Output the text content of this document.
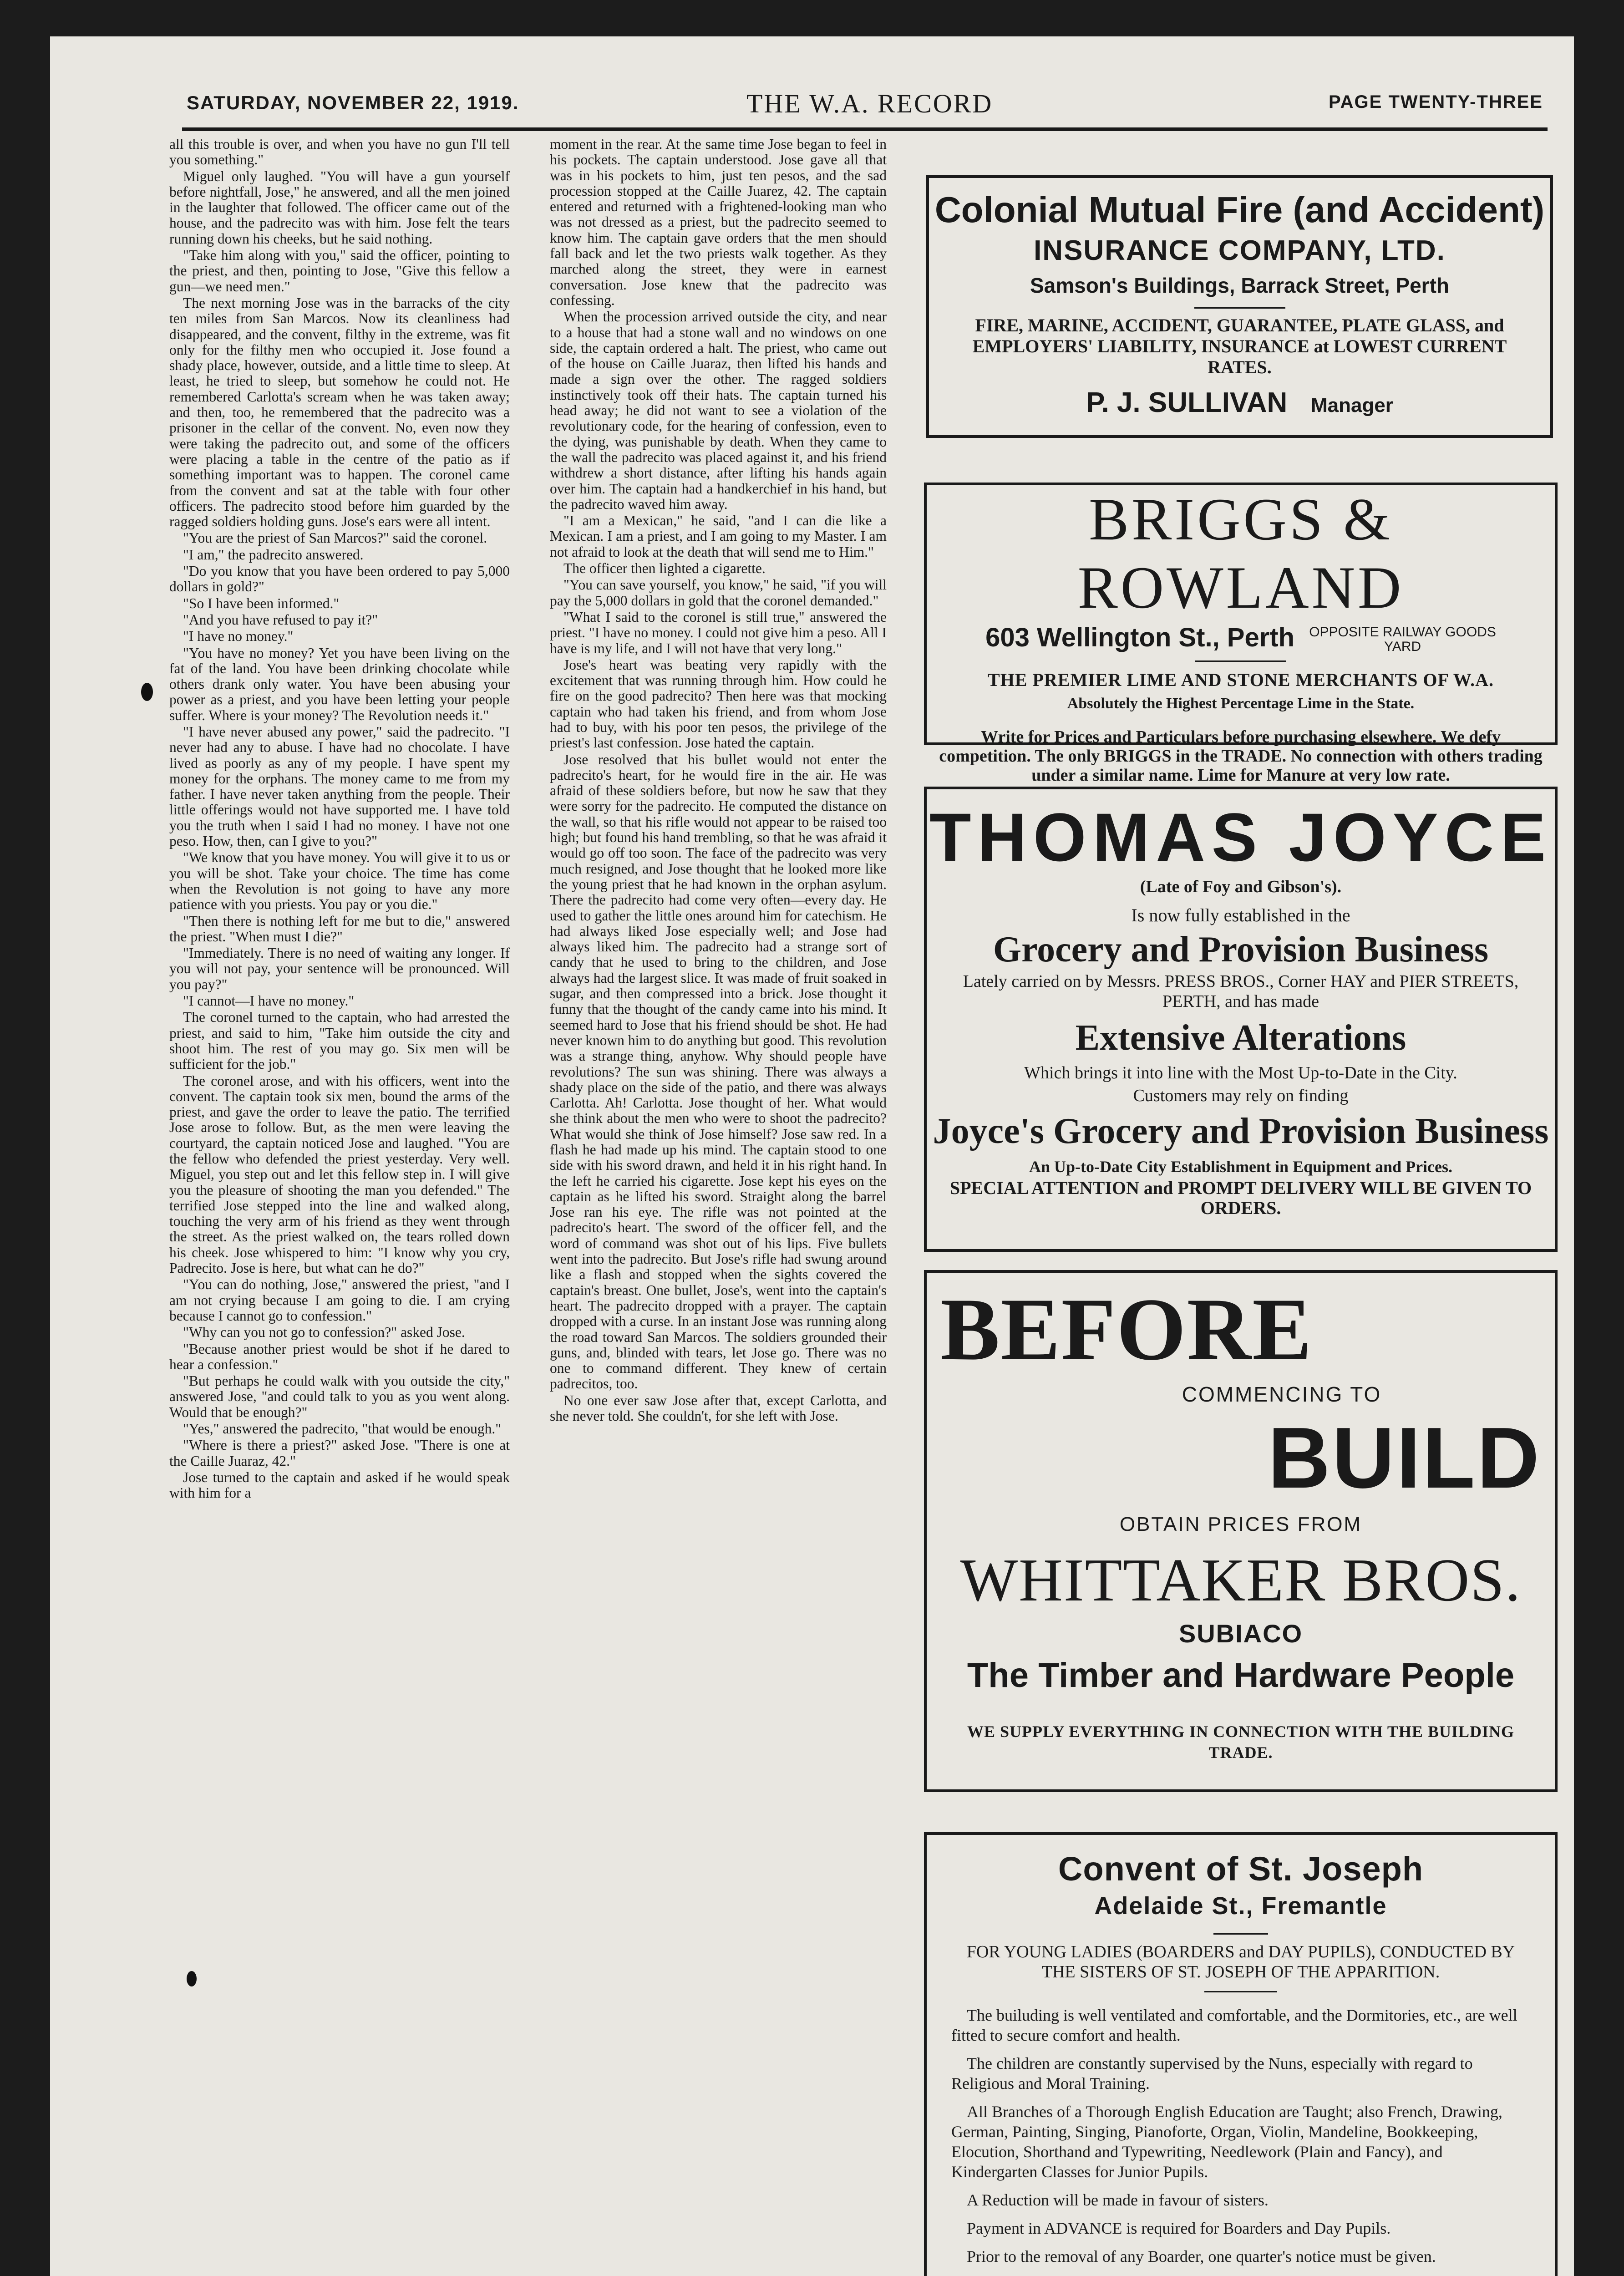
SATURDAY, NOVEMBER 22, 1919.	THE W.A. RECORD	PAGE TWENTY-THREE

all this trouble is over, and when you have no gun I'll tell you something."

Miguel only laughed. "You will have a gun yourself before nightfall, Jose," he answered, and all the men joined in the laughter that followed. The officer came out of the house, and the padrecito was with him. Jose felt the tears running down his cheeks, but he said nothing.

"Take him along with you," said the officer, pointing to the priest, and then, pointing to Jose, "Give this fellow a gun—we need men."

The next morning Jose was in the barracks of the city ten miles from San Marcos. Now its cleanliness had disappeared, and the convent, filthy in the extreme, was fit only for the filthy men who occupied it. Jose found a shady place, however, outside, and a little time to sleep. At least, he tried to sleep, but somehow he could not. He remembered Carlotta's scream when he was taken away; and then, too, he remembered that the padrecito was a prisoner in the cellar of the convent. No, even now they were taking the padrecito out, and some of the officers were placing a table in the centre of the patio as if something important was to happen. The coronel came from the convent and sat at the table with four other officers. The padrecito stood before him guarded by the ragged soldiers holding guns. Jose's ears were all intent.

"You are the priest of San Marcos?" said the coronel.

"I am," the padrecito answered.

"Do you know that you have been ordered to pay 5,000 dollars in gold?"

"So I have been informed."

"And you have refused to pay it?"

"I have no money."

"You have no money? Yet you have been living on the fat of the land. You have been drinking chocolate while others drank only water. You have been abusing your power as a priest, and you have been letting your people suffer. Where is your money? The Revolution needs it."

"I have never abused any power," said the padrecito. "I never had any to abuse. I have had no chocolate. I have lived as poorly as any of my people. I have spent my money for the orphans. The money came to me from my father. I have never taken anything from the people. Their little offerings would not have supported me. I have told you the truth when I said I had no money. I have not one peso. How, then, can I give to you?"

"We know that you have money. You will give it to us or you will be shot. Take your choice. The time has come when the Revolution is not going to have any more patience with you priests. You pay or you die."

"Then there is nothing left for me but to die," answered the priest. "When must I die?"

"Immediately. There is no need of waiting any longer. If you will not pay, your sentence will be pronounced. Will you pay?"

"I cannot—I have no money."

The coronel turned to the captain, who had arrested the priest, and said to him, "Take him outside the city and shoot him. The rest of you may go. Six men will be sufficient for the job."

The coronel arose, and with his officers, went into the convent. The captain took six men, bound the arms of the priest, and gave the order to leave the patio. The terrified Jose arose to follow. But, as the men were leaving the courtyard, the captain noticed Jose and laughed. "You are the fellow who defended the priest yesterday. Very well. Miguel, you step out and let this fellow step in. I will give you the pleasure of shooting the man you defended." The terrified Jose stepped into the line and walked along, touching the very arm of his friend as they went through the street. As the priest walked on, the tears rolled down his cheek. Jose whispered to him: "I know why you cry, Padrecito. Jose is here, but what can he do?"

"You can do nothing, Jose," answered the priest, "and I am not crying because I am going to die. I am crying because I cannot go to confession."

"Why can you not go to confession?" asked Jose.

"Because another priest would be shot if he dared to hear a confession."

"But perhaps he could walk with you outside the city," answered Jose, "and could talk to you as you went along. Would that be enough?"

"Yes," answered the padrecito, "that would be enough."

"Where is there a priest?" asked Jose. "There is one at the Caille Juaraz, 42."

Jose turned to the captain and asked if he would speak with him for a

moment in the rear. At the same time Jose began to feel in his pockets. The captain understood. Jose gave all that was in his pockets to him, just ten pesos, and the sad procession stopped at the Caille Juarez, 42. The captain entered and returned with a frightened-looking man who was not dressed as a priest, but the padrecito seemed to know him. The captain gave orders that the men should fall back and let the two priests walk together. As they marched along the street, they were in earnest conversation. Jose knew that the padrecito was confessing.

When the procession arrived outside the city, and near to a house that had a stone wall and no windows on one side, the captain ordered a halt. The priest, who came out of the house on Caille Juaraz, then lifted his hands and made a sign over the other. The ragged soldiers instinctively took off their hats. The captain turned his head away; he did not want to see a violation of the revolutionary code, for the hearing of confession, even to the dying, was punishable by death. When they came to the wall the padrecito was placed against it, and his friend withdrew a short distance, after lifting his hands again over him. The captain had a handkerchief in his hand, but the padrecito waved him away.

"I am a Mexican," he said, "and I can die like a Mexican. I am a priest, and I am going to my Master. I am not afraid to look at the death that will send me to Him."

The officer then lighted a cigarette.

"You can save yourself, you know," he said, "if you will pay the 5,000 dollars in gold that the coronel demanded."

"What I said to the coronel is still true," answered the priest. "I have no money. I could not give him a peso. All I have is my life, and I will not have that very long."

Jose's heart was beating very rapidly with the excitement that was running through him. How could he fire on the good padrecito? Then here was that mocking captain who had taken his friend, and from whom Jose had to buy, with his poor ten pesos, the privilege of the priest's last confession. Jose hated the captain.

Jose resolved that his bullet would not enter the padrecito's heart, for he would fire in the air. He was afraid of these soldiers before, but now he saw that they were sorry for the padrecito. He computed the distance on the wall, so that his rifle would not appear to be raised too high; but found his hand trembling, so that he was afraid it would go off too soon. The face of the padrecito was very much resigned, and Jose thought that he looked more like the young priest that he had known in the orphan asylum. There the padrecito had come very often—every day. He used to gather the little ones around him for catechism. He had always liked Jose especially well; and Jose had always liked him. The padrecito had a strange sort of candy that he used to bring to the children, and Jose always had the largest slice. It was made of fruit soaked in sugar, and then compressed into a brick. Jose thought it funny that the thought of the candy came into his mind. It seemed hard to Jose that his friend should be shot. He had never known him to do anything but good. This revolution was a strange thing, anyhow. Why should people have revolutions? The sun was shining. There was always a shady place on the side of the patio, and there was always Carlotta. Ah! Carlotta. Jose thought of her. What would she think about the men who were to shoot the padrecito? What would she think of Jose himself? Jose saw red. In a flash he had made up his mind. The captain stood to one side with his sword drawn, and held it in his right hand. In the left he carried his cigarette. Jose kept his eyes on the captain as he lifted his sword. Straight along the barrel Jose ran his eye. The rifle was not pointed at the padrecito's heart. The sword of the officer fell, and the word of command was shot out of his lips. Five bullets went into the padrecito. But Jose's rifle had swung around like a flash and stopped when the sights covered the captain's breast. One bullet, Jose's, went into the captain's heart. The padrecito dropped with a prayer. The captain dropped with a curse. In an instant Jose was running along the road toward San Marcos. The soldiers grounded their guns, and, blinded with tears, let Jose go. There was no one to command different. They knew of certain padrecitos, too.

No one ever saw Jose after that, except Carlotta, and she never told. She couldn't, for she left with Jose.

Colonial Mutual Fire (and Accident)
INSURANCE COMPANY, LTD.
Samson's Buildings, Barrack Street, Perth
FIRE, MARINE, ACCIDENT, GUARANTEE, PLATE GLASS, and EMPLOYERS' LIABILITY, INSURANCE at LOWEST CURRENT RATES.
P. J. SULLIVAN Manager
BRIGGS & ROWLAND
603 Wellington St., Perth OPPOSITE RAILWAY GOODS
YARD
THE PREMIER LIME AND STONE MERCHANTS OF W.A.
Absolutely the Highest Percentage Lime in the State.
Write for Prices and Particulars before purchasing elsewhere. We defy competition. The only BRIGGS in the TRADE. No connection with others trading under a similar name. Lime for Manure at very low rate.
THOMAS JOYCE
(Late of Foy and Gibson's).
Is now fully established in the
Grocery and Provision Business
Lately carried on by Messrs. PRESS BROS., Corner HAY and PIER STREETS, PERTH, and has made
Extensive Alterations
Which brings it into line with the Most Up-to-Date in the City.
Customers may rely on finding
Joyce's Grocery and Provision Business
An Up-to-Date City Establishment in Equipment and Prices.
SPECIAL ATTENTION and PROMPT DELIVERY WILL BE GIVEN TO ORDERS.
BEFORE
COMMENCING TO
BUILD
OBTAIN PRICES FROM
WHITTAKER BROS.
SUBIACO
The Timber and Hardware People
WE SUPPLY EVERYTHING IN CONNECTION WITH THE BUILDING TRADE.
Convent of St. Joseph
Adelaide St., Fremantle
FOR YOUNG LADIES (BOARDERS and DAY PUPILS), CONDUCTED BY THE SISTERS OF ST. JOSEPH OF THE APPARITION.

The builuding is well ventilated and comfortable, and the Dormitories, etc., are well fitted to secure comfort and health.

The children are constantly supervised by the Nuns, especially with regard to Religious and Moral Training.

All Branches of a Thorough English Education are Taught; also French, Drawing, German, Painting, Singing, Pianoforte, Organ, Violin, Mandeline, Bookkeeping, Elocution, Shorthand and Typewriting, Needlework (Plain and Fancy), and Kindergarten Classes for Junior Pupils.

A Reduction will be made in favour of sisters.

Payment in ADVANCE is required for Boarders and Day Pupils.

Prior to the removal of any Boarder, one quarter's notice must be given.
